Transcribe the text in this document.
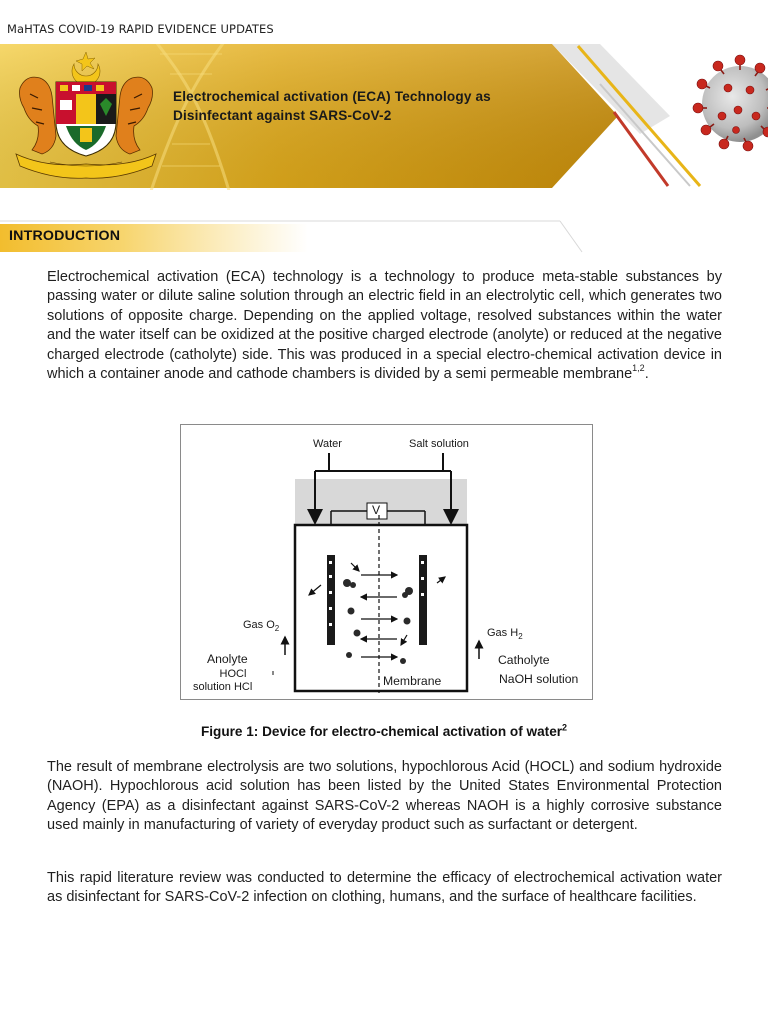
MaHTAS COVID-19 RAPID EVIDENCE UPDATES
Electrochemical activation (ECA) Technology as
Disinfectant against SARS-CoV-2
INTRODUCTION

Electrochemical activation (ECA) technology is a technology to produce meta-stable substances by passing water or dilute saline solution through an electric field in an electrolytic cell, which generates two solutions of opposite charge. Depending on the applied voltage, resolved substances within the water and the water itself can be oxidized at the positive charged electrode (anolyte) or reduced at the negative charged electrode (catholyte) side. This was produced in a special electro-chemical activation device in which a container anode and cathode chambers is divided by a semi permeable membrane$^{1,2}$.

Water	Salt solution
V
Gas $O_2$	Gas $H_2$
Anolyte
HOCl
solution HCl
Catholyte
NaOH solution
Membrane
Figure 1: Device for electro-chemical activation of water$^2$

The result of membrane electrolysis are two solutions, hypochlorous Acid (HOCL) and sodium hydroxide (NAOH). Hypochlorous acid solution has been listed by the United States Environmental Protection Agency (EPA) as a disinfectant against SARS-CoV-2 whereas NAOH is a highly corrosive substance used mainly in manufacturing of variety of everyday product such as surfactant or detergent.

This rapid literature review was conducted to determine the efficacy of electrochemical activation water as disinfectant for SARS-CoV-2 infection on clothing, humans, and the surface of healthcare facilities.
